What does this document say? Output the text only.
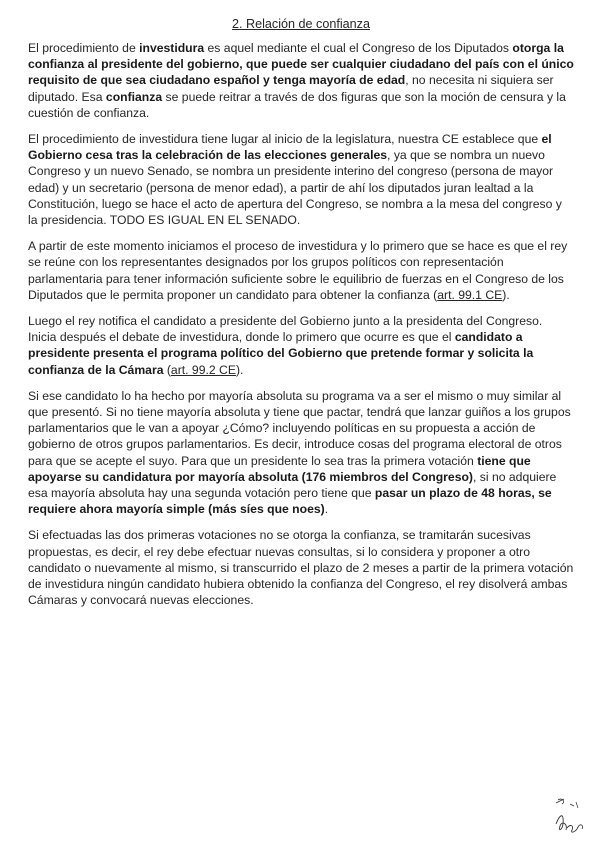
2. Relación de confianza

El procedimiento de investidura es aquel mediante el cual el Congreso de los Diputados otorga la confianza al presidente del gobierno, que puede ser cualquier ciudadano del país con el único requisito de que sea ciudadano español y tenga mayoría de edad, no necesita ni siquiera ser diputado. Esa confianza se puede reitrar a través de dos figuras que son la moción de censura y la cuestión de confianza.

El procedimiento de investidura tiene lugar al inicio de la legislatura, nuestra CE establece que el Gobierno cesa tras la celebración de las elecciones generales, ya que se nombra un nuevo Congreso y un nuevo Senado, se nombra un presidente interino del congreso (persona de mayor edad) y un secretario (persona de menor edad), a partir de ahí los diputados juran lealtad a la Constitución, luego se hace el acto de apertura del Congreso, se nombra a la mesa del congreso y la presidencia. TODO ES IGUAL EN EL SENADO.

A partir de este momento iniciamos el proceso de investidura y lo primero que se hace es que el rey se reúne con los representantes designados por los grupos políticos con representación parlamentaria para tener información suficiente sobre le equilibrio de fuerzas en el Congreso de los Diputados que le permita proponer un candidato para obtener la confianza (art. 99.1 CE).

Luego el rey notifica el candidato a presidente del Gobierno junto a la presidenta del Congreso. Inicia después el debate de investidura, donde lo primero que ocurre es que el candidato a presidente presenta el programa político del Gobierno que pretende formar y solicita la confianza de la Cámara (art. 99.2 CE).

Si ese candidato lo ha hecho por mayoría absoluta su programa va a ser el mismo o muy similar al que presentó. Si no tiene mayoría absoluta y tiene que pactar, tendrá que lanzar guiños a los grupos parlamentarios que le van a apoyar ¿Cómo? incluyendo políticas en su propuesta a acción de gobierno de otros grupos parlamentarios. Es decir, introduce cosas del programa electoral de otros para que se acepte el suyo. Para que un presidente lo sea tras la primera votación tiene que apoyarse su candidatura por mayoría absoluta (176 miembros del Congreso), si no adquiere esa mayoría absoluta hay una segunda votación pero tiene que pasar un plazo de 48 horas, se requiere ahora mayoría simple (más síes que noes).

Si efectuadas las dos primeras votaciones no se otorga la confianza, se tramitarán sucesivas propuestas, es decir, el rey debe efectuar nuevas consultas, si lo considera y proponer a otro candidato o nuevamente al mismo, si transcurrido el plazo de 2 meses a partir de la primera votación de investidura ningún candidato hubiera obtenido la confianza del Congreso, el rey disolverá ambas Cámaras y convocará nuevas elecciones.
